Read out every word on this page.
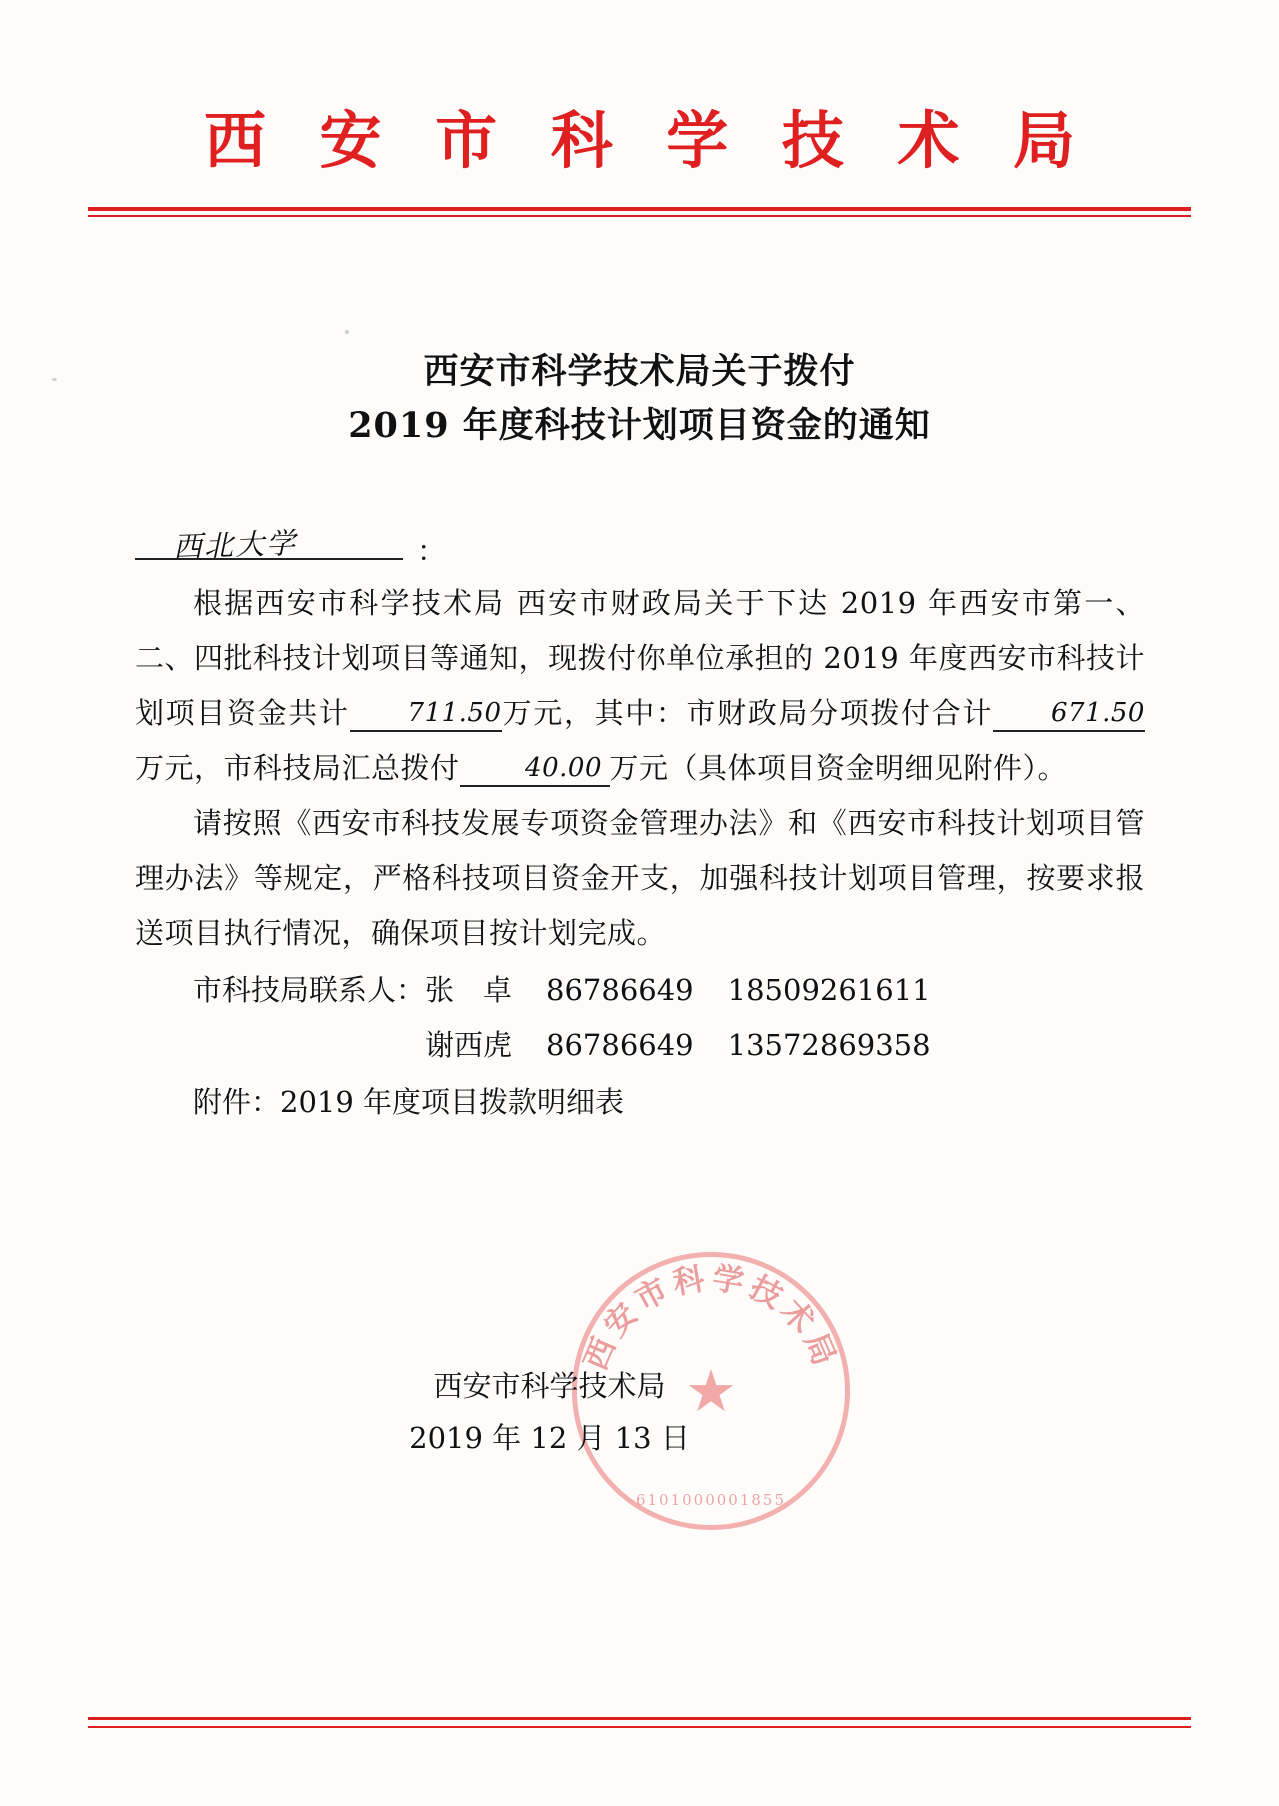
西 安 市 科 学 技 术 局
西安市科学技术局关于拨付
2019 年度科技计划项目资金的通知
西北大学	：

根据西安市科学技术局 西安市财政局关于下达 2019 年西安市第一、二、四批科技计划项目等通知，现拨付你单位承担的 2019 年度西安市科技计划项目资金共计 711.50万元，其中：市财政局分项拨付合计 671.50万元，市科技局汇总拨付	40.00 万元（具体项目资金明细见附件）。

请按照《西安市科技发展专项资金管理办法》和《西安市科技计划项目管理办法》等规定，严格科技项目资金开支，加强科技计划项目管理，按要求报送项目执行情况，确保项目按计划完成。

市科技局联系人：张　卓 86786649 18509261611
谢西虎 86786649 13572869358
附件：2019 年度项目拨款明细表
西安市科学技术局
★
6101000001855
西安市科学技术局
2019 年 12 月 13 日
